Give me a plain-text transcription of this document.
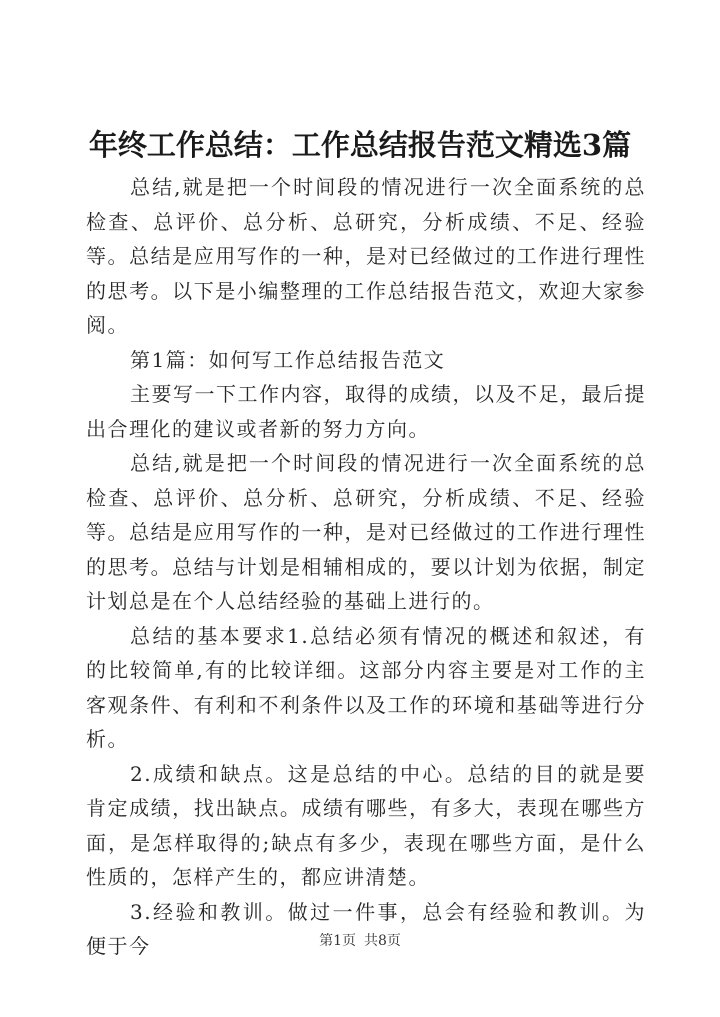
年终工作总结：工作总结报告范文精选3篇

总结,就是把一个时间段的情况进行一次全面系统的总检查、总评价、总分析、总研究，分析成绩、不足、经验等。总结是应用写作的一种，是对已经做过的工作进行理性的思考。以下是小编整理的工作总结报告范文，欢迎大家参阅。

第1篇：如何写工作总结报告范文

主要写一下工作内容，取得的成绩，以及不足，最后提出合理化的建议或者新的努力方向。

总结,就是把一个时间段的情况进行一次全面系统的总检查、总评价、总分析、总研究，分析成绩、不足、经验等。总结是应用写作的一种，是对已经做过的工作进行理性的思考。总结与计划是相辅相成的，要以计划为依据，制定计划总是在个人总结经验的基础上进行的。

总结的基本要求1.总结必须有情况的概述和叙述，有的比较简单,有的比较详细。这部分内容主要是对工作的主客观条件、有利和不利条件以及工作的环境和基础等进行分析。

2.成绩和缺点。这是总结的中心。总结的目的就是要肯定成绩，找出缺点。成绩有哪些，有多大，表现在哪些方面，是怎样取得的;缺点有多少，表现在哪些方面，是什么性质的，怎样产生的，都应讲清楚。

3.经验和教训。做过一件事，总会有经验和教训。为便于今	第1页 共8页
